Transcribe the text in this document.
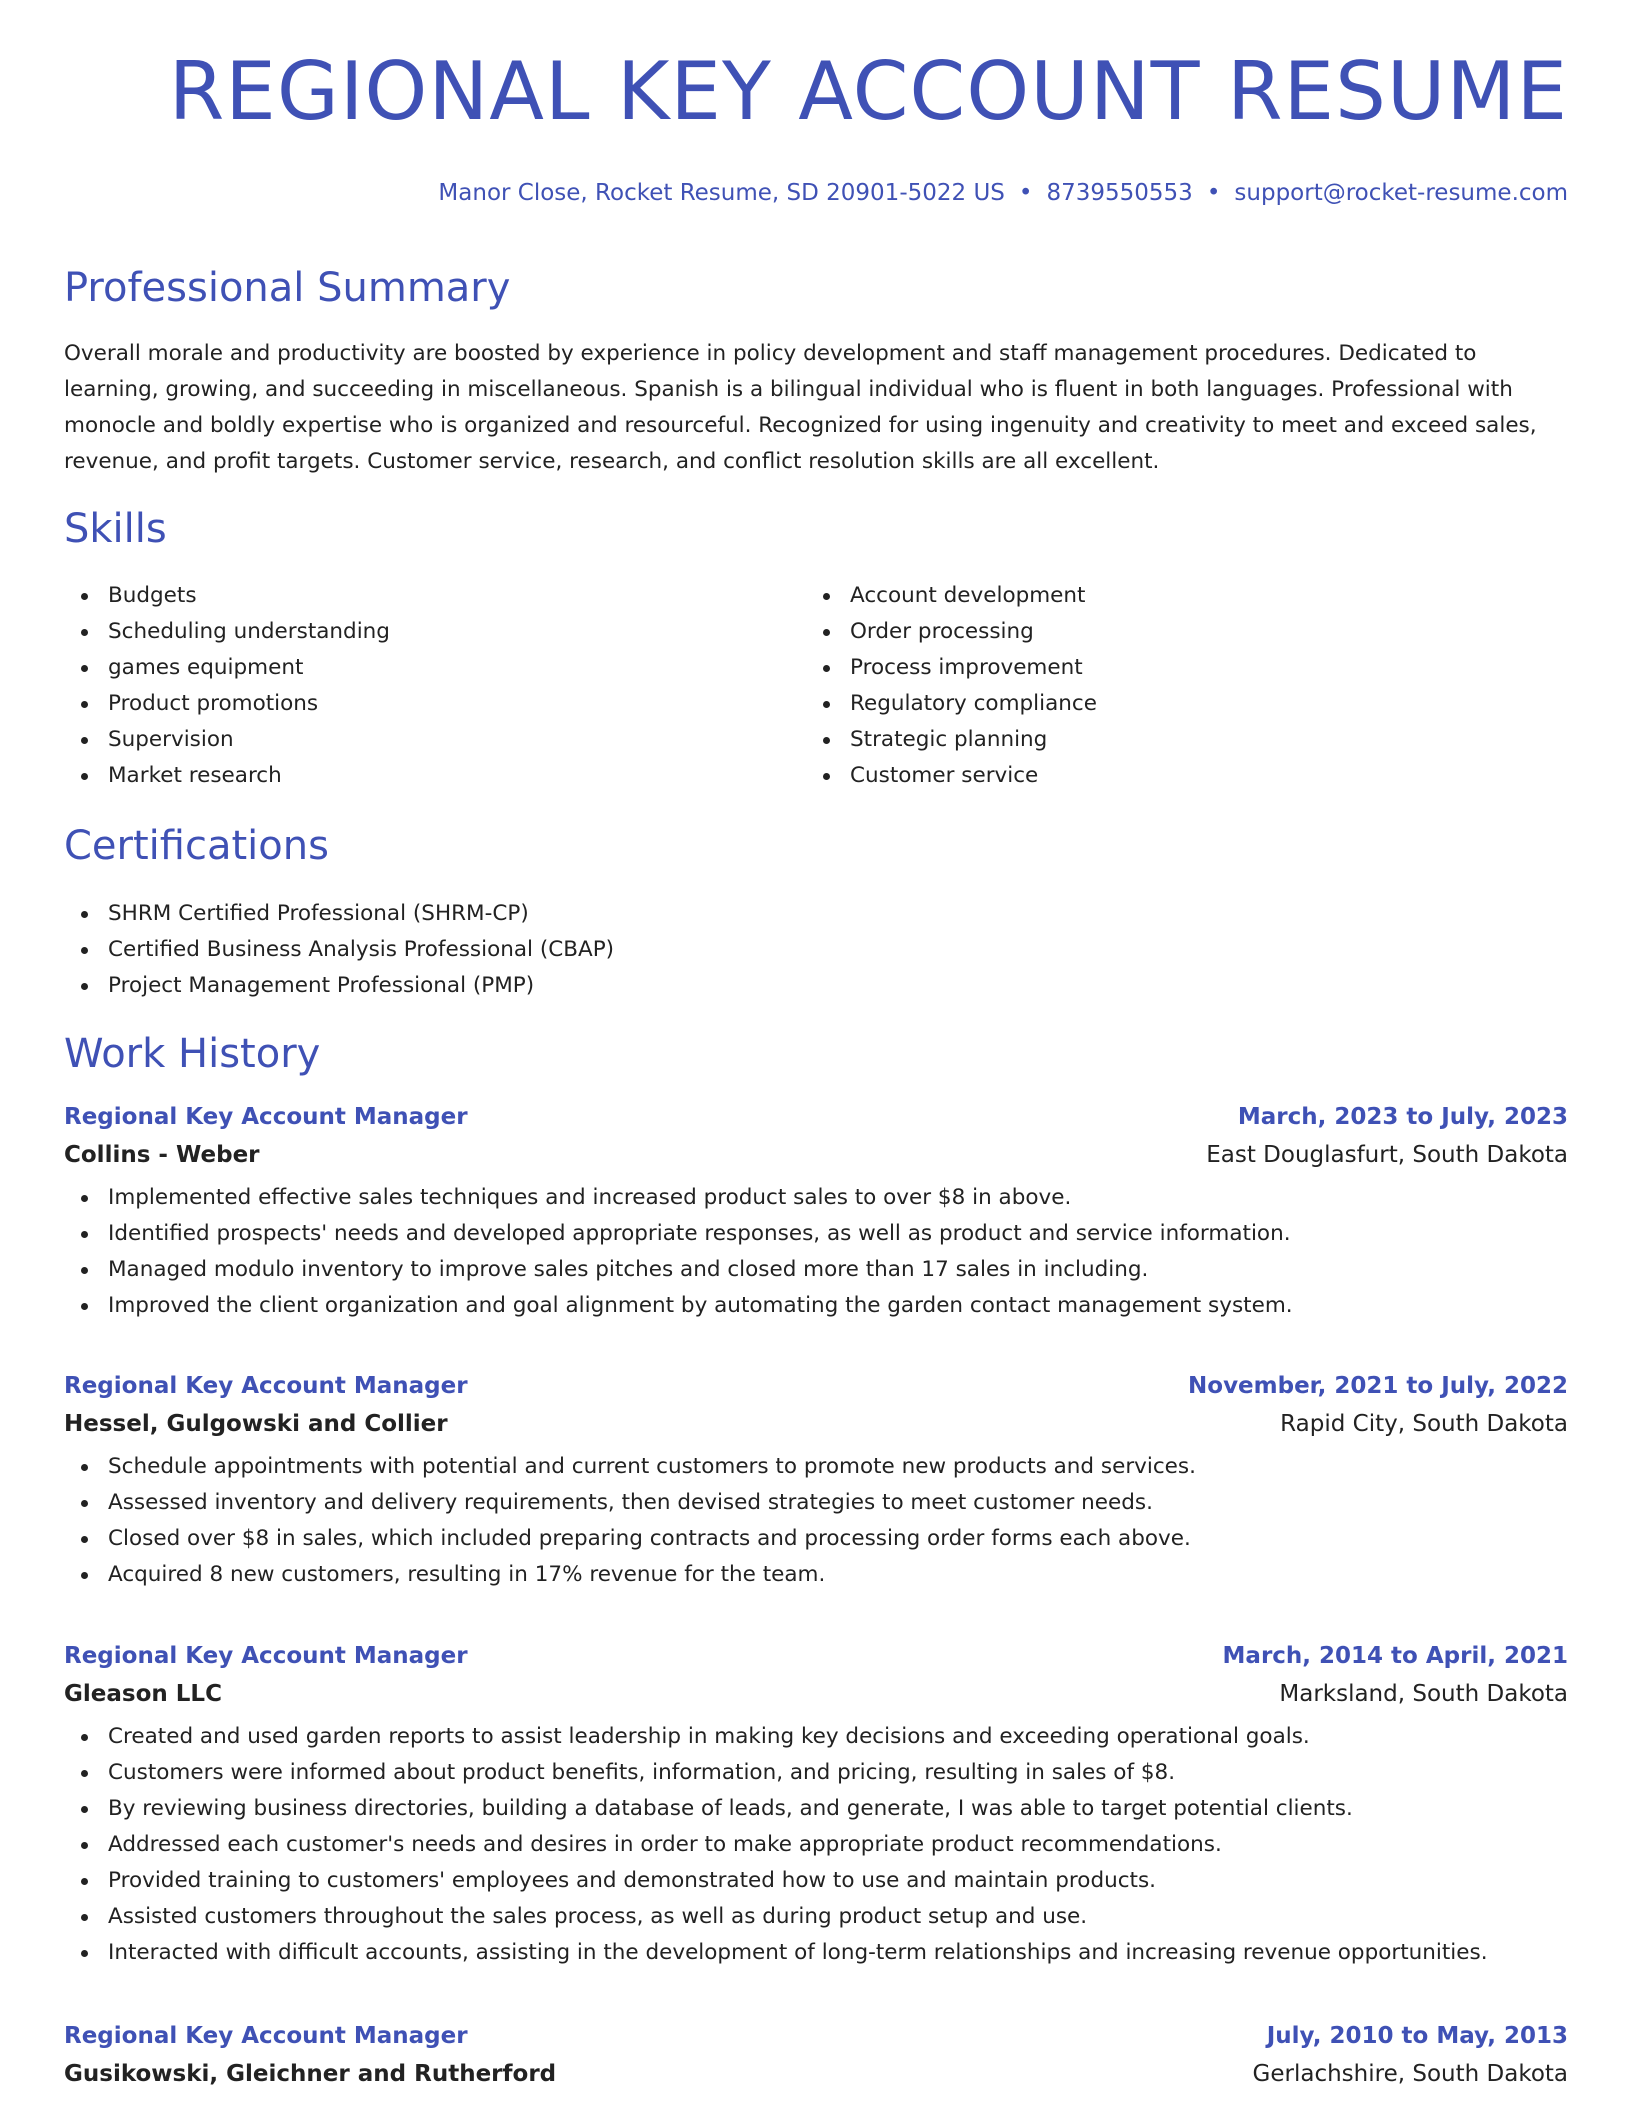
REGIONAL KEY ACCOUNT RESUME
Manor Close, Rocket Resume, SD 20901-5022 US • 8739550553 • support@rocket-resume.com
Professional Summary

Overall morale and productivity are boosted by experience in policy development and staff management procedures. Dedicated to learning, growing, and succeeding in miscellaneous. Spanish is a bilingual individual who is fluent in both languages. Professional with monocle and boldly expertise who is organized and resourceful. Recognized for using ingenuity and creativity to meet and exceed sales, revenue, and profit targets. Customer service, research, and conflict resolution skills are all excellent.

Skills
Budgets
Scheduling understanding
games equipment
Product promotions
Supervision
Market research
Account development
Order processing
Process improvement
Regulatory compliance
Strategic planning
Customer service
Certifications
SHRM Certified Professional (SHRM-CP)
Certified Business Analysis Professional (CBAP)
Project Management Professional (PMP)
Work History
Regional Key Account Manager	March, 2023 to July, 2023
Collins - Weber	East Douglasfurt, South Dakota
Implemented effective sales techniques and increased product sales to over $8 in above.
Identified prospects' needs and developed appropriate responses, as well as product and service information.
Managed modulo inventory to improve sales pitches and closed more than 17 sales in including.
Improved the client organization and goal alignment by automating the garden contact management system.
Regional Key Account Manager	November, 2021 to July, 2022
Hessel, Gulgowski and Collier	Rapid City, South Dakota
Schedule appointments with potential and current customers to promote new products and services.
Assessed inventory and delivery requirements, then devised strategies to meet customer needs.
Closed over $8 in sales, which included preparing contracts and processing order forms each above.
Acquired 8 new customers, resulting in 17% revenue for the team.
Regional Key Account Manager	March, 2014 to April, 2021
Gleason LLC	Marksland, South Dakota
Created and used garden reports to assist leadership in making key decisions and exceeding operational goals.
Customers were informed about product benefits, information, and pricing, resulting in sales of $8.
By reviewing business directories, building a database of leads, and generate, I was able to target potential clients.
Addressed each customer's needs and desires in order to make appropriate product recommendations.
Provided training to customers' employees and demonstrated how to use and maintain products.
Assisted customers throughout the sales process, as well as during product setup and use.
Interacted with difficult accounts, assisting in the development of long-term relationships and increasing revenue opportunities.
Regional Key Account Manager	July, 2010 to May, 2013
Gusikowski, Gleichner and Rutherford	Gerlachshire, South Dakota
